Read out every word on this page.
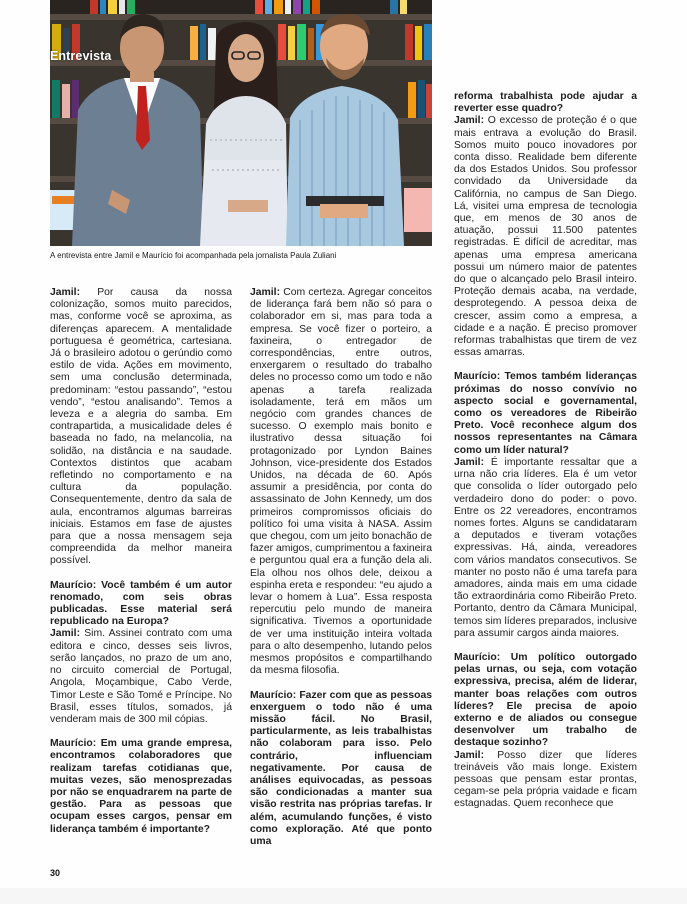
Entrevista
A entrevista entre Jamil e Maurício foi acompanhada pela jornalista Paula Zuliani

Jamil: Por causa da nossa colonização, somos muito parecidos, mas, conforme você se aproxima, as diferenças aparecem. A mentalidade portuguesa é geométrica, cartesiana. Já o brasileiro adotou o gerúndio como estilo de vida. Ações em movimento, sem uma conclusão determinada, predominam: “estou passando”, “estou vendo”, “estou analisando”. Temos a leveza e a alegria do samba. Em contrapartida, a musicalidade deles é baseada no fado, na melancolia, na solidão, na distância e na saudade. Contextos distintos que acabam refletindo no comportamento e na cultura da população. Consequentemente, dentro da sala de aula, encontramos algumas barreiras iniciais. Estamos em fase de ajustes para que a nossa mensagem seja compreendida da melhor maneira possível.

Maurício: Você também é um autor renomado, com seis obras publicadas. Esse material será republicado na Europa?

Jamil: Sim. Assinei contrato com uma editora e cinco, desses seis livros, serão lançados, no prazo de um ano, no circuito comercial de Portugal, Angola, Moçambique, Cabo Verde, Timor Leste e São Tomé e Príncipe. No Brasil, esses títulos, somados, já venderam mais de 300 mil cópias.

Maurício: Em uma grande empresa, encontramos colaboradores que realizam tarefas cotidianas que, muitas vezes, são menosprezadas por não se enquadrarem na parte de gestão. Para as pessoas que ocupam esses cargos, pensar em liderança também é importante?

Jamil: Com certeza. Agregar conceitos de liderança fará bem não só para o colaborador em si, mas para toda a empresa. Se você fizer o porteiro, a faxineira, o entregador de correspondências, entre outros, enxergarem o resultado do trabalho deles no processo como um todo e não apenas a tarefa realizada isoladamente, terá em mãos um negócio com grandes chances de sucesso. O exemplo mais bonito e ilustrativo dessa situação foi protagonizado por Lyndon Baines Johnson, vice-presidente dos Estados Unidos, na década de 60. Após assumir a presidência, por conta do assassinato de John Kennedy, um dos primeiros compromissos oficiais do político foi uma visita à NASA. Assim que chegou, com um jeito bonachão de fazer amigos, cumprimentou a faxineira e perguntou qual era a função dela ali. Ela olhou nos olhos dele, deixou a espinha ereta e respondeu: “eu ajudo a levar o homem à Lua”. Essa resposta repercutiu pelo mundo de maneira significativa. Tivemos a oportunidade de ver uma instituição inteira voltada para o alto desempenho, lutando pelos mesmos propósitos e compartilhando da mesma filosofia.

Maurício: Fazer com que as pessoas enxerguem o todo não é uma missão fácil. No Brasil, particularmente, as leis trabalhistas não colaboram para isso. Pelo contrário, influenciam negativamente. Por causa de análises equivocadas, as pessoas são condicionadas a manter sua visão restrita nas próprias tarefas. Ir além, acumulando funções, é visto como exploração. Até que ponto uma

reforma trabalhista pode ajudar a reverter esse quadro?

Jamil: O excesso de proteção é o que mais entrava a evolução do Brasil. Somos muito pouco inovadores por conta disso. Realidade bem diferente da dos Estados Unidos. Sou professor convidado da Universidade da Califórnia, no campus de San Diego. Lá, visitei uma empresa de tecnologia que, em menos de 30 anos de atuação, possui 11.500 patentes registradas. É difícil de acreditar, mas apenas uma empresa americana possui um número maior de patentes do que o alcançado pelo Brasil inteiro. Proteção demais acaba, na verdade, desprotegendo. A pessoa deixa de crescer, assim como a empresa, a cidade e a nação. É preciso promover reformas trabalhistas que tirem de vez essas amarras.

Maurício: Temos também lideranças próximas do nosso convívio no aspecto social e governamental, como os vereadores de Ribeirão Preto. Você reconhece algum dos nossos representantes na Câmara como um líder natural?

Jamil: É importante ressaltar que a urna não cria líderes. Ela é um vetor que consolida o líder outorgado pelo verdadeiro dono do poder: o povo. Entre os 22 vereadores, encontramos nomes fortes. Alguns se candidataram a deputados e tiveram votações expressivas. Há, ainda, vereadores com vários mandatos consecutivos. Se manter no posto não é uma tarefa para amadores, ainda mais em uma cidade tão extraordinária como Ribeirão Preto. Portanto, dentro da Câmara Municipal, temos sim líderes preparados, inclusive para assumir cargos ainda maiores.

Maurício: Um político outorgado pelas urnas, ou seja, com votação expressiva, precisa, além de liderar, manter boas relações com outros líderes? Ele precisa de apoio externo e de aliados ou consegue desenvolver um trabalho de destaque sozinho?

Jamil: Posso dizer que líderes treináveis vão mais longe. Existem pessoas que pensam estar prontas, cegam-se pela própria vaidade e ficam estagnadas. Quem reconhece que

30
